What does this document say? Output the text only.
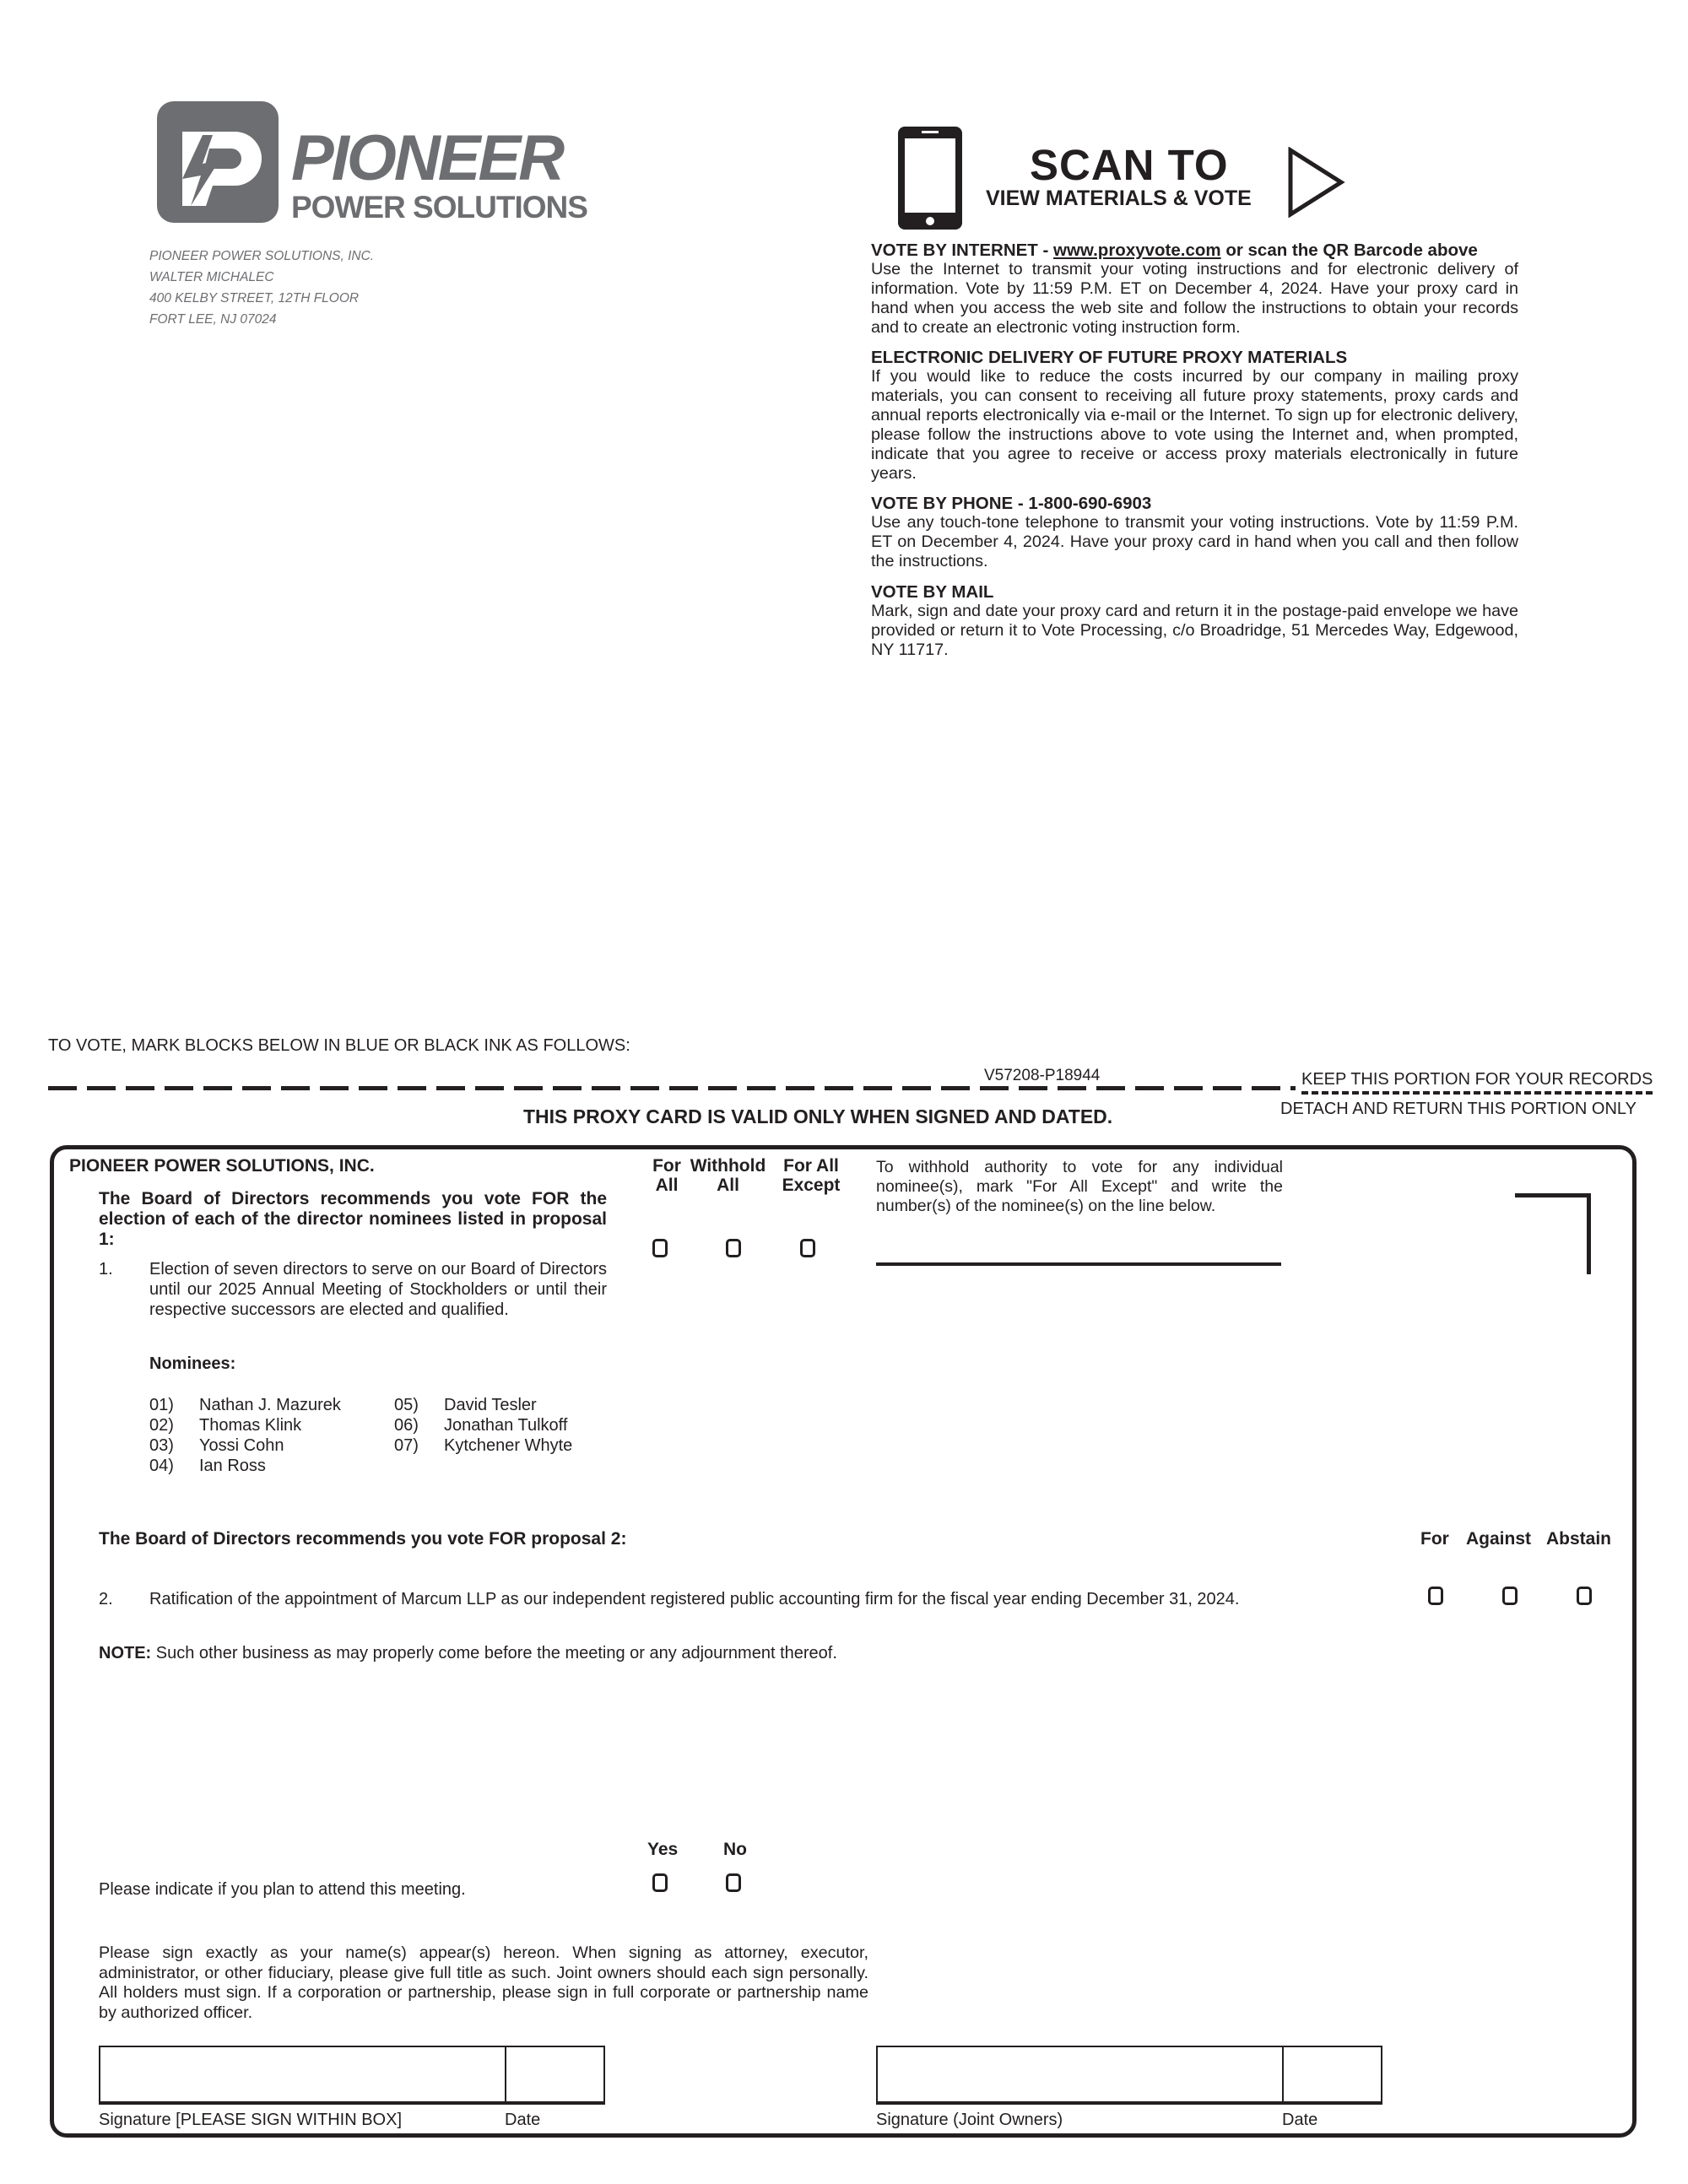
PIONEER
POWER SOLUTIONS
PIONEER POWER SOLUTIONS, INC.
WALTER MICHALEC
400 KELBY STREET, 12TH FLOOR
FORT LEE, NJ 07024
SCAN TO
VIEW MATERIALS & VOTE
VOTE BY INTERNET - www.proxyvote.com or scan the QR Barcode above

Use the Internet to transmit your voting instructions and for electronic delivery of information. Vote by 11:59 P.M. ET on December 4, 2024. Have your proxy card in hand when you access the web site and follow the instructions to obtain your records and to create an electronic voting instruction form.

ELECTRONIC DELIVERY OF FUTURE PROXY MATERIALS

If you would like to reduce the costs incurred by our company in mailing proxy materials, you can consent to receiving all future proxy statements, proxy cards and annual reports electronically via e-mail or the Internet. To sign up for electronic delivery, please follow the instructions above to vote using the Internet and, when prompted, indicate that you agree to receive or access proxy materials electronically in future years.

VOTE BY PHONE - 1-800-690-6903

Use any touch-tone telephone to transmit your voting instructions. Vote by 11:59 P.M. ET on December 4, 2024. Have your proxy card in hand when you call and then follow the instructions.

VOTE BY MAIL

Mark, sign and date your proxy card and return it in the postage-paid envelope we have provided or return it to Vote Processing, c/o Broadridge, 51 Mercedes Way, Edgewood, NY 11717.

TO VOTE, MARK BLOCKS BELOW IN BLUE OR BLACK INK AS FOLLOWS:
V57208-P18944	KEEP THIS PORTION FOR YOUR RECORDS
DETACH AND RETURN THIS PORTION ONLY
THIS PROXY CARD IS VALID ONLY WHEN SIGNED AND DATED.
PIONEER POWER SOLUTIONS, INC.
The Board of Directors recommends you vote FOR the election of each of the director nominees listed in proposal 1:
1. Election of seven directors to serve on our Board of Directors until our 2025 Annual Meeting of Stockholders or until their respective successors are elected and qualified.
Nominees:
01) Nathan J. Mazurek
02) Thomas Klink
03) Yossi Cohn
04) Ian Ross
05) David Tesler
06) Jonathan Tulkoff
07) Kytchener Whyte
For
All
Withhold
All
For All
Except
To withhold authority to vote for any individual nominee(s), mark "For All Except" and write the number(s) of the nominee(s) on the line below.
The Board of Directors recommends you vote FOR proposal 2:	For Against Abstain
2. Ratification of the appointment of Marcum LLP as our independent registered public accounting firm for the fiscal year ending December 31, 2024.
NOTE: Such other business as may properly come before the meeting or any adjournment thereof.
Yes	No
Please indicate if you plan to attend this meeting.
Please sign exactly as your name(s) appear(s) hereon. When signing as attorney, executor, administrator, or other fiduciary, please give full title as such. Joint owners should each sign personally. All holders must sign. If a corporation or partnership, please sign in full corporate or partnership name by authorized officer.
Signature [PLEASE SIGN WITHIN BOX]	Date	Signature (Joint Owners)	Date
